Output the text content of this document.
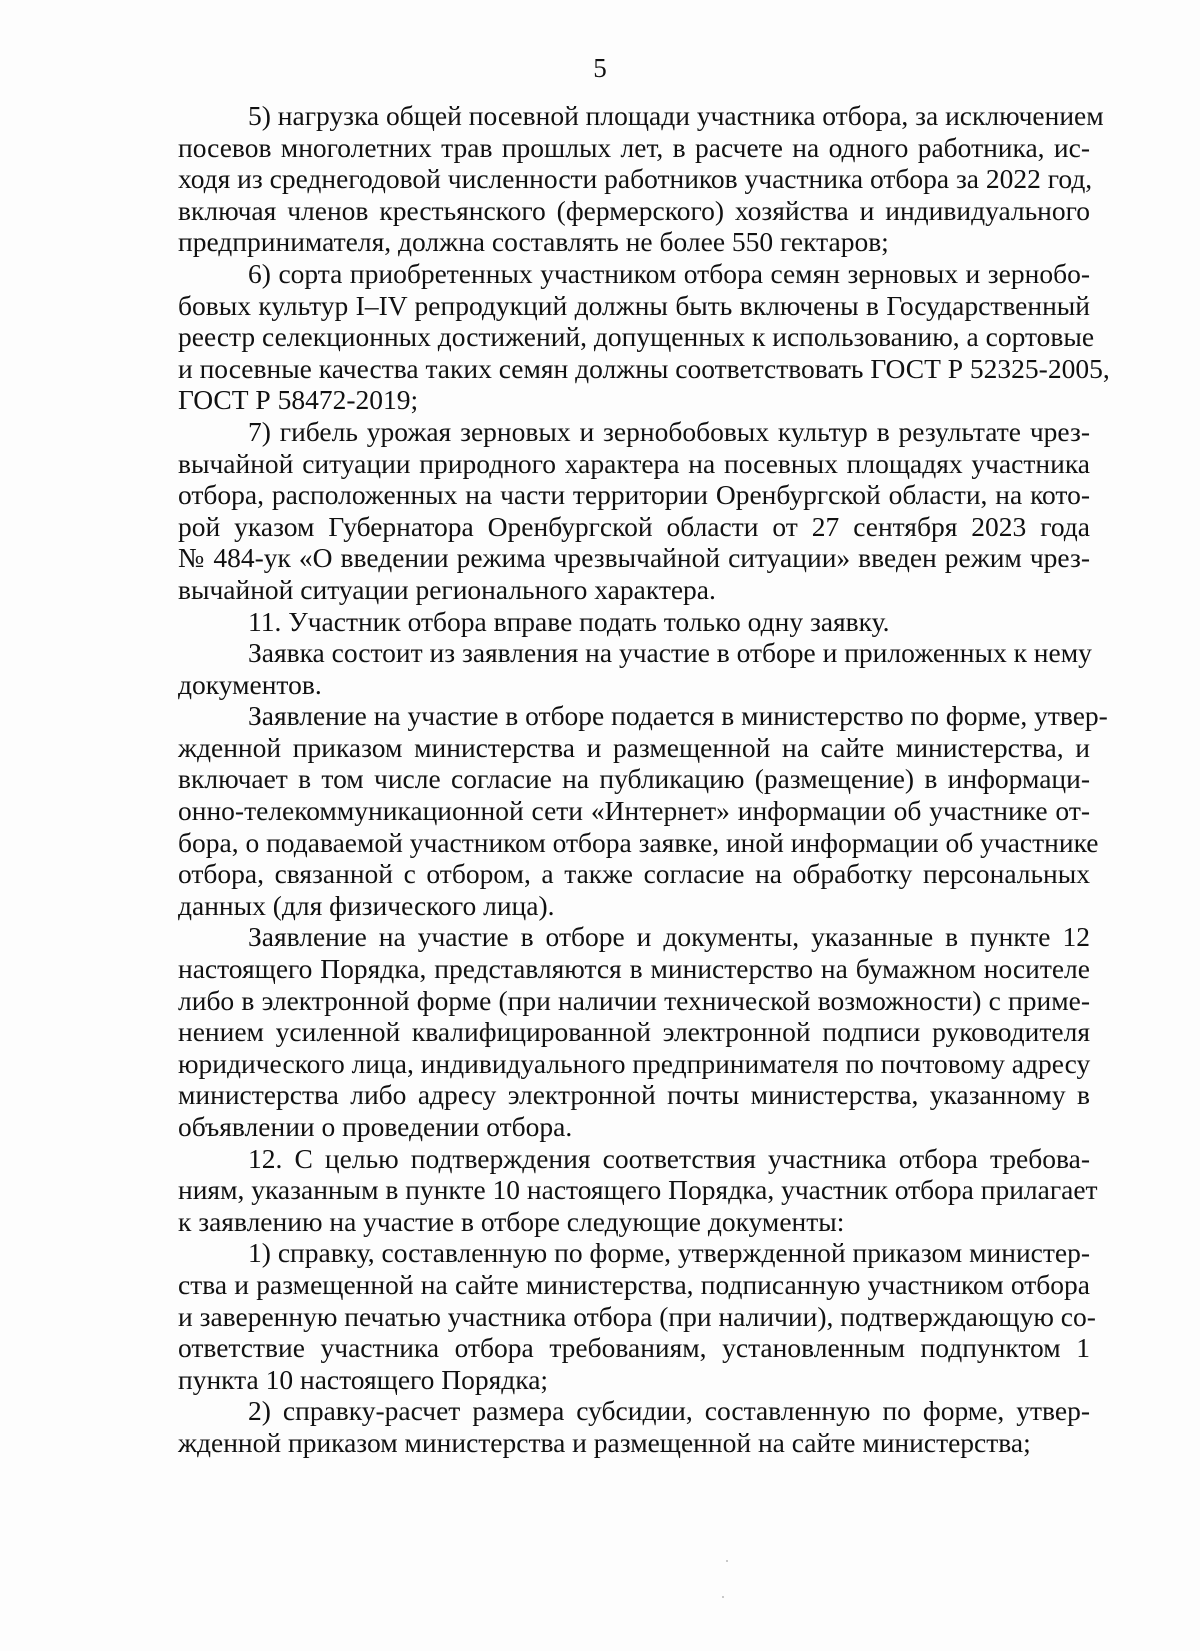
5
5) нагрузка общей посевной площади участника отбора, за исключением
посевов многолетних трав прошлых лет, в расчете на одного работника, ис-
ходя из среднегодовой численности работников участника отбора за 2022 год,
включая членов крестьянского (фермерского) хозяйства и индивидуального
предпринимателя, должна составлять не более 550 гектаров;
6) сорта приобретенных участником отбора семян зерновых и зернобо-
бовых культур I–IV репродукций должны быть включены в Государственный
реестр селекционных достижений, допущенных к использованию, а сортовые
и посевные качества таких семян должны соответствовать ГОСТ Р 52325-2005,
ГОСТ Р 58472-2019;
7) гибель урожая зерновых и зернобобовых культур в результате чрез-
вычайной ситуации природного характера на посевных площадях участника
отбора, расположенных на части территории Оренбургской области, на кото-
рой указом Губернатора Оренбургской области от 27 сентября 2023 года
№ 484-ук «О введении режима чрезвычайной ситуации» введен режим чрез-
вычайной ситуации регионального характера.
11. Участник отбора вправе подать только одну заявку.
Заявка состоит из заявления на участие в отборе и приложенных к нему
документов.
Заявление на участие в отборе подается в министерство по форме, утвер-
жденной приказом министерства и размещенной на сайте министерства, и
включает в том числе согласие на публикацию (размещение) в информаци-
онно-телекоммуникационной сети «Интернет» информации об участнике от-
бора, о подаваемой участником отбора заявке, иной информации об участнике
отбора, связанной с отбором, а также согласие на обработку персональных
данных (для физического лица).
Заявление на участие в отборе и документы, указанные в пункте 12
настоящего Порядка, представляются в министерство на бумажном носителе
либо в электронной форме (при наличии технической возможности) с приме-
нением усиленной квалифицированной электронной подписи руководителя
юридического лица, индивидуального предпринимателя по почтовому адресу
министерства либо адресу электронной почты министерства, указанному в
объявлении о проведении отбора.
12. С целью подтверждения соответствия участника отбора требова-
ниям, указанным в пункте 10 настоящего Порядка, участник отбора прилагает
к заявлению на участие в отборе следующие документы:
1) справку, составленную по форме, утвержденной приказом министер-
ства и размещенной на сайте министерства, подписанную участником отбора
и заверенную печатью участника отбора (при наличии), подтверждающую со-
ответствие участника отбора требованиям, установленным подпунктом 1
пункта 10 настоящего Порядка;
2) справку-расчет размера субсидии, составленную по форме, утвер-
жденной приказом министерства и размещенной на сайте министерства;
